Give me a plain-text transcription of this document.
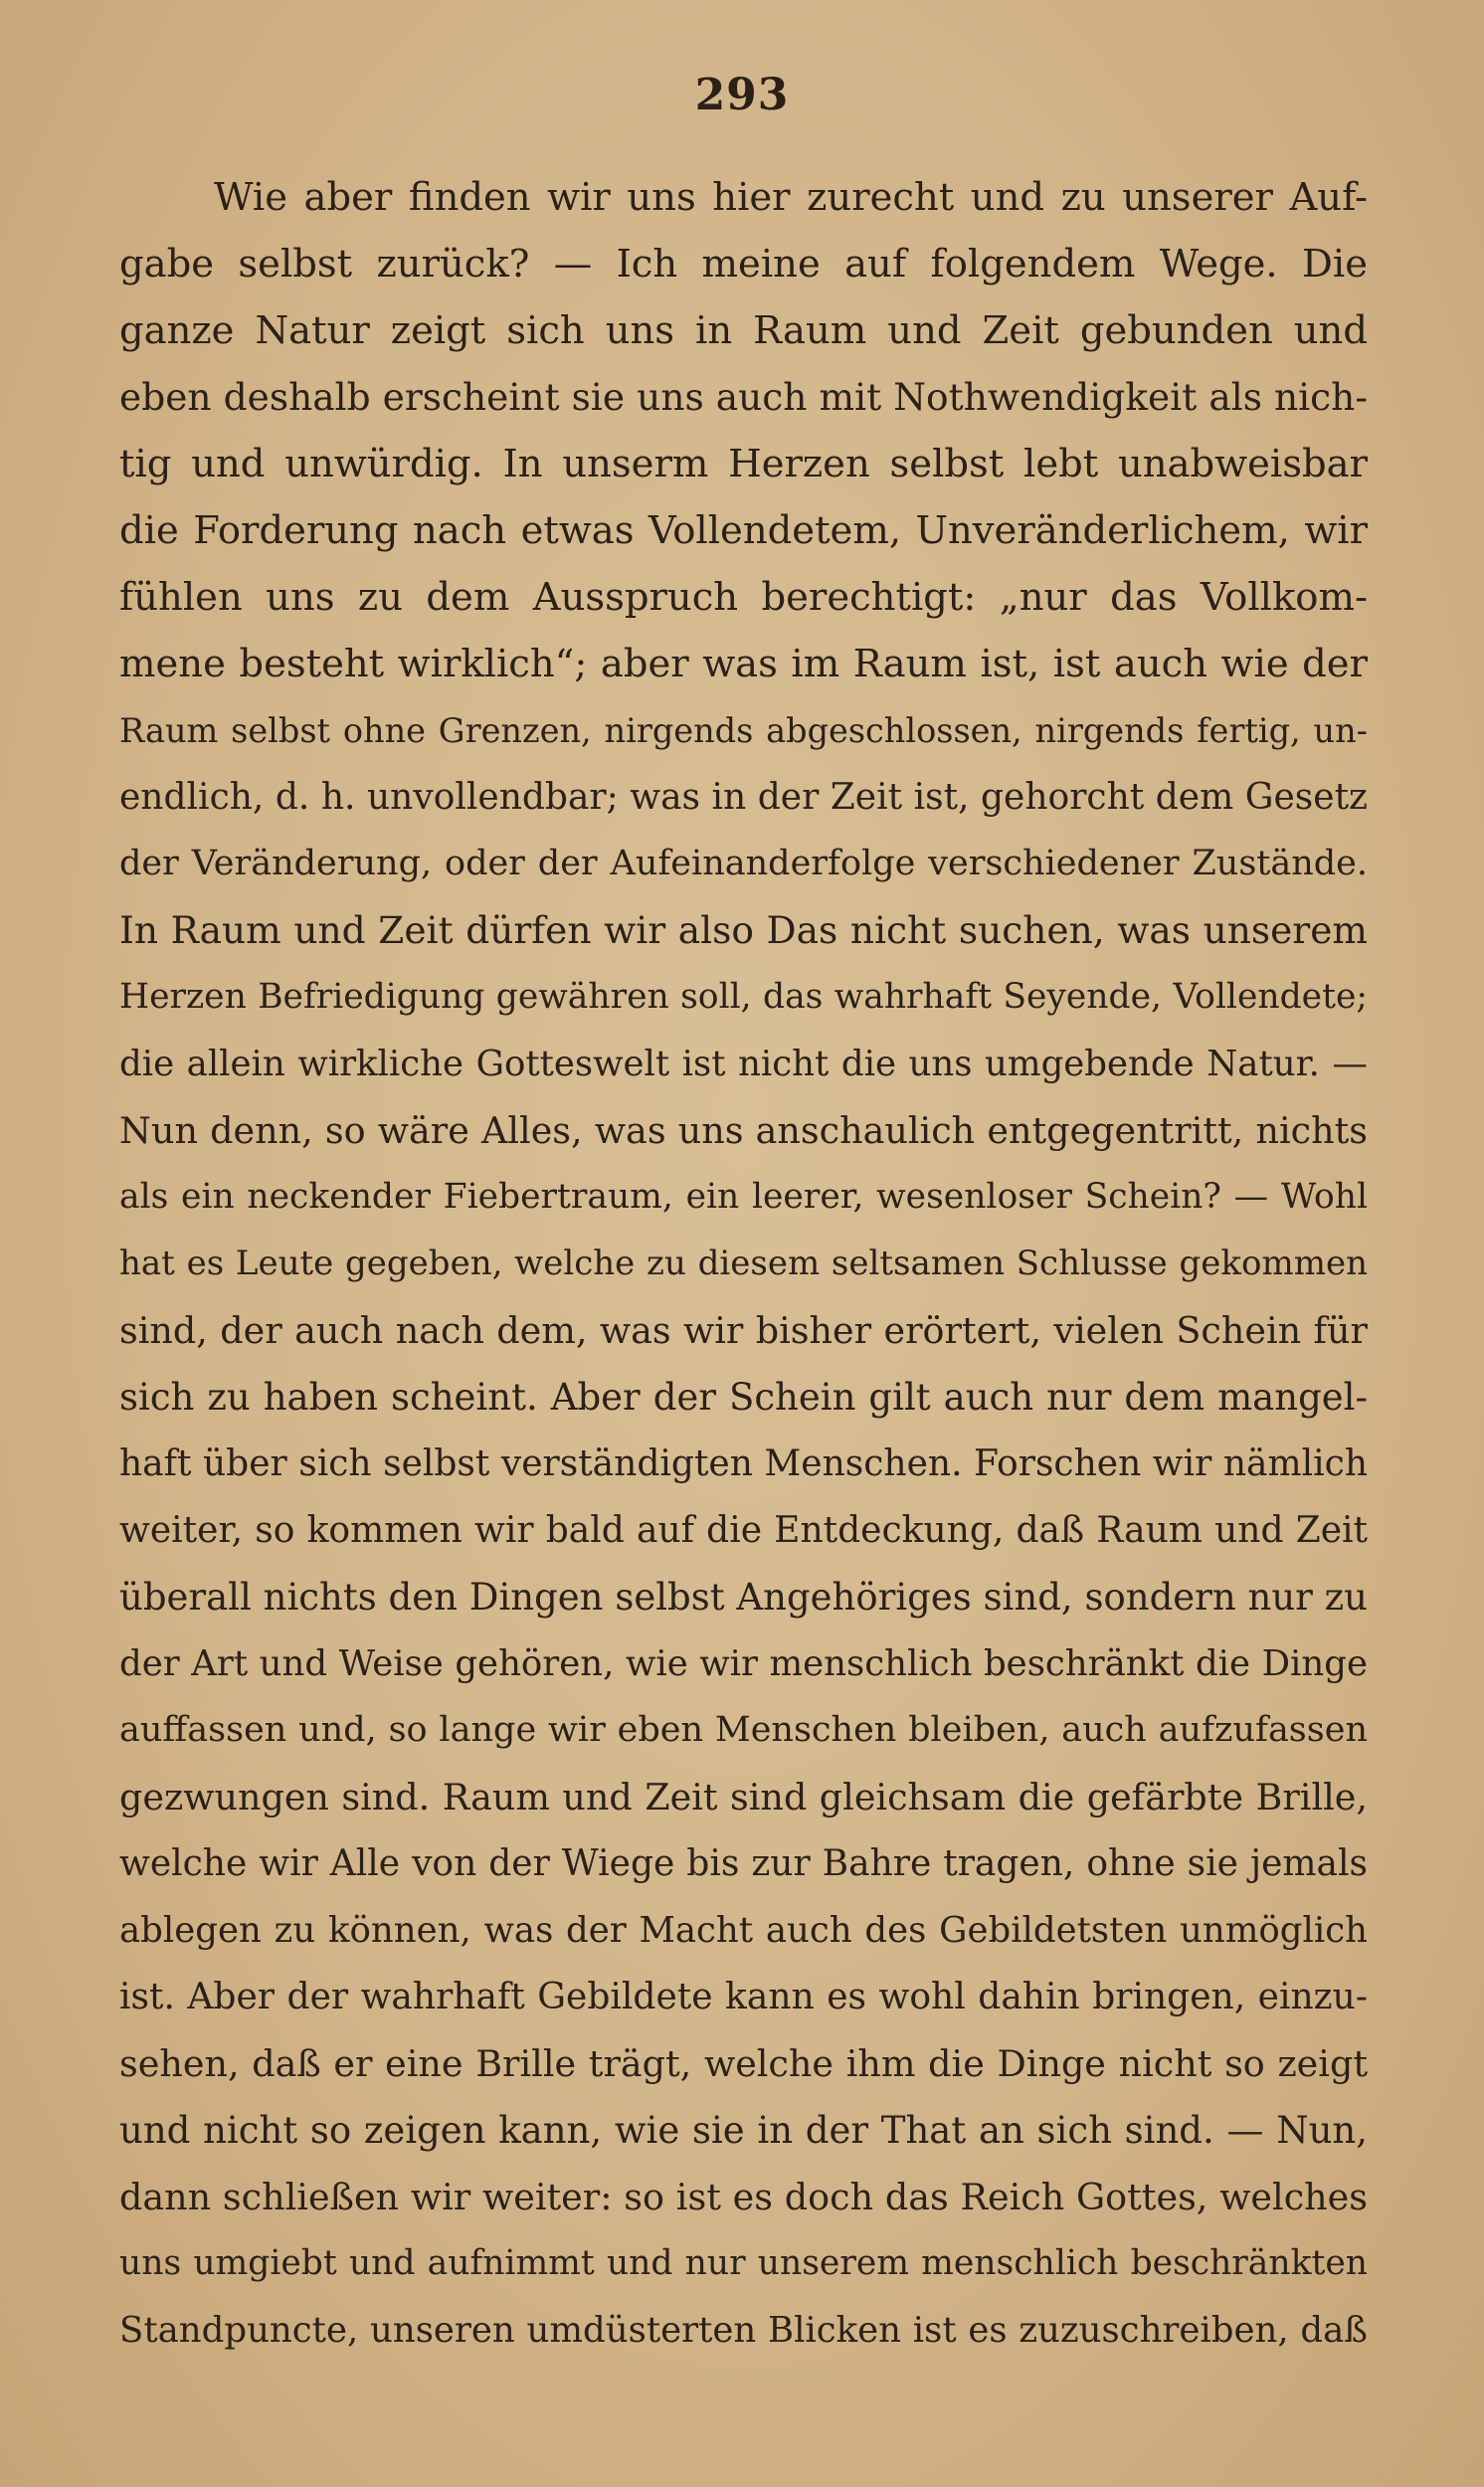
293
Wie aber finden wir uns hier zurecht und zu unserer Auf-
gabe selbst zurück? — Ich meine auf folgendem Wege. Die
ganze Natur zeigt sich uns in Raum und Zeit gebunden und
eben deshalb erscheint sie uns auch mit Nothwendigkeit als nich-
tig und unwürdig. In unserm Herzen selbst lebt unabweisbar
die Forderung nach etwas Vollendetem, Unveränderlichem, wir
fühlen uns zu dem Ausspruch berechtigt: „nur das Vollkom-
mene besteht wirklich“; aber was im Raum ist, ist auch wie der
Raum selbst ohne Grenzen, nirgends abgeschlossen, nirgends fertig, un-
endlich, d. h. unvollendbar; was in der Zeit ist, gehorcht dem Gesetz
der Veränderung, oder der Aufeinanderfolge verschiedener Zustände.
In Raum und Zeit dürfen wir also Das nicht suchen, was unserem
Herzen Befriedigung gewähren soll, das wahrhaft Seyende, Vollendete;
die allein wirkliche Gotteswelt ist nicht die uns umgebende Natur. —
Nun denn, so wäre Alles, was uns anschaulich entgegentritt, nichts
als ein neckender Fiebertraum, ein leerer, wesenloser Schein? — Wohl
hat es Leute gegeben, welche zu diesem seltsamen Schlusse gekommen
sind, der auch nach dem, was wir bisher erörtert, vielen Schein für
sich zu haben scheint. Aber der Schein gilt auch nur dem mangel-
haft über sich selbst verständigten Menschen. Forschen wir nämlich
weiter, so kommen wir bald auf die Entdeckung, daß Raum und Zeit
überall nichts den Dingen selbst Angehöriges sind, sondern nur zu
der Art und Weise gehören, wie wir menschlich beschränkt die Dinge
auffassen und, so lange wir eben Menschen bleiben, auch aufzufassen
gezwungen sind. Raum und Zeit sind gleichsam die gefärbte Brille,
welche wir Alle von der Wiege bis zur Bahre tragen, ohne sie jemals
ablegen zu können, was der Macht auch des Gebildetsten unmöglich
ist. Aber der wahrhaft Gebildete kann es wohl dahin bringen, einzu-
sehen, daß er eine Brille trägt, welche ihm die Dinge nicht so zeigt
und nicht so zeigen kann, wie sie in der That an sich sind. — Nun,
dann schließen wir weiter: so ist es doch das Reich Gottes, welches
uns umgiebt und aufnimmt und nur unserem menschlich beschränkten
Standpuncte, unseren umdüsterten Blicken ist es zuzuschreiben, daß
